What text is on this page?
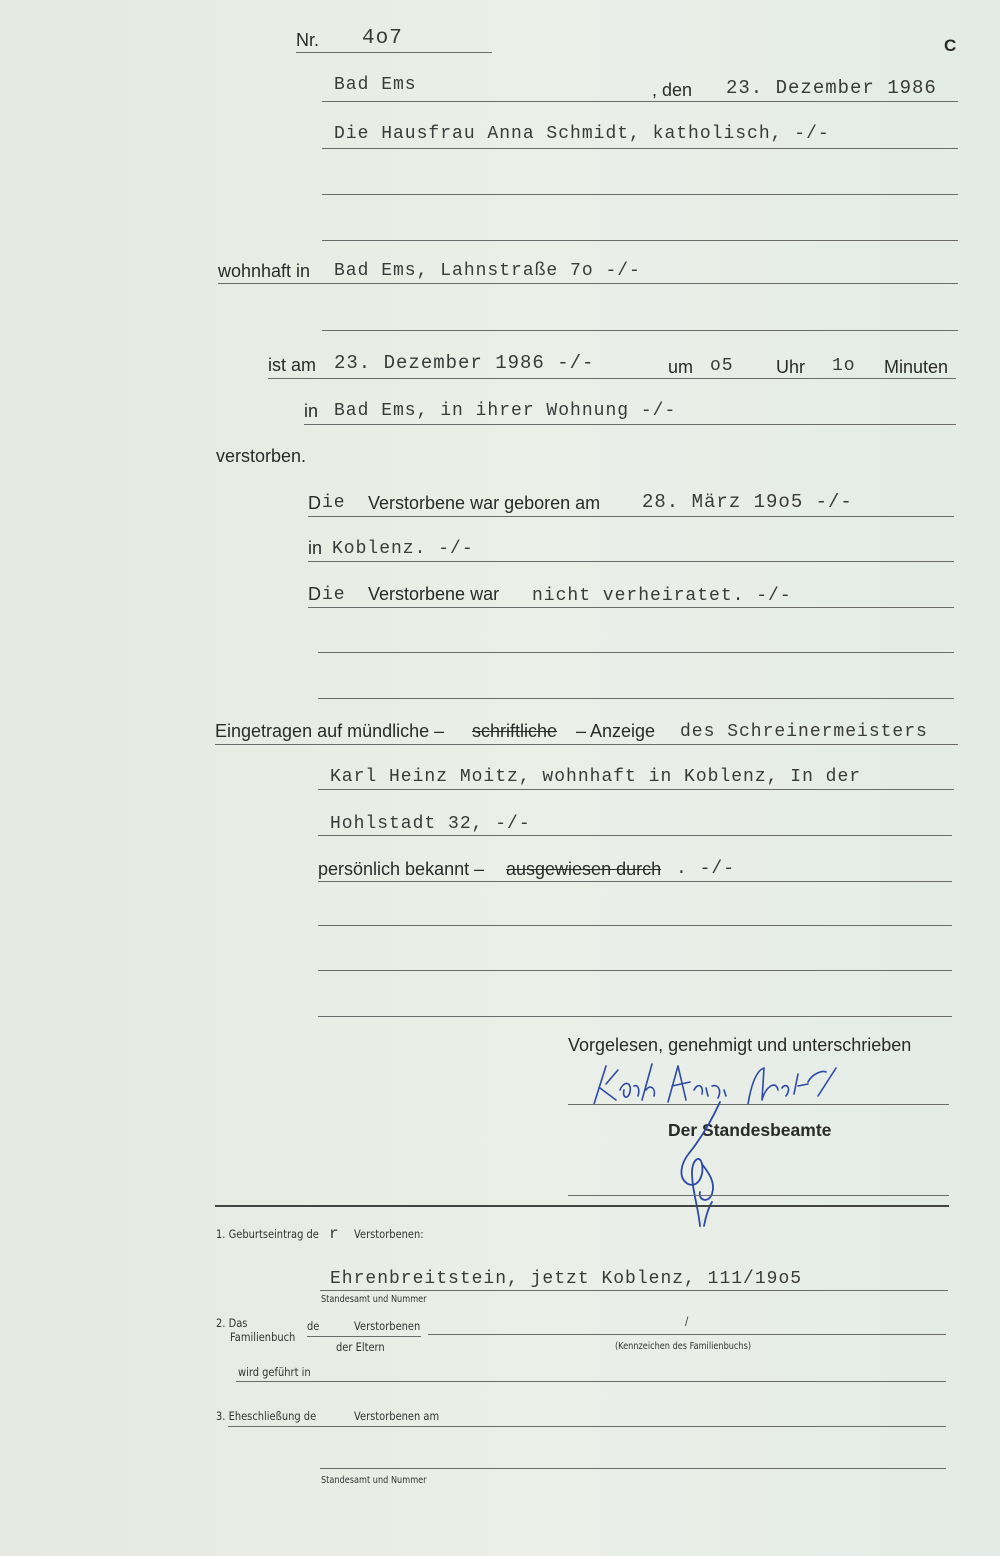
Nr. 4o7	C
Bad Ems	, den 23. Dezember 1986
Die Hausfrau Anna Schmidt, katholisch, -/-
wohnhaft in Bad Ems, Lahnstraße 7o -/-
ist am 23. Dezember 1986 -/-	um o5 Uhr 1o Minuten
in Bad Ems, in ihrer Wohnung -/-
verstorben.
D ie Verstorbene war geboren am 28. März 19o5 -/-
in Koblenz. -/-
D ie Verstorbene war nicht verheiratet. -/-
Eingetragen auf mündliche – schriftliche – Anzeige des Schreinermeisters
Karl Heinz Moitz, wohnhaft in Koblenz, In der
Hohlstadt 32, -/-
persönlich bekannt – ausgewiesen durch . -/-
Vorgelesen, genehmigt und unterschrieben
Der Standesbeamte
1. Geburtseintrag de r Verstorbenen:
Ehrenbreitstein, jetzt Koblenz, 111/19o5
Standesamt und Nummer
2. Das
Familienbuch
de	Verstorbenen	/
der Eltern	(Kennzeichen des Familienbuchs)
wird geführt in
3. Eheschließung de	Verstorbenen am
Standesamt und Nummer
